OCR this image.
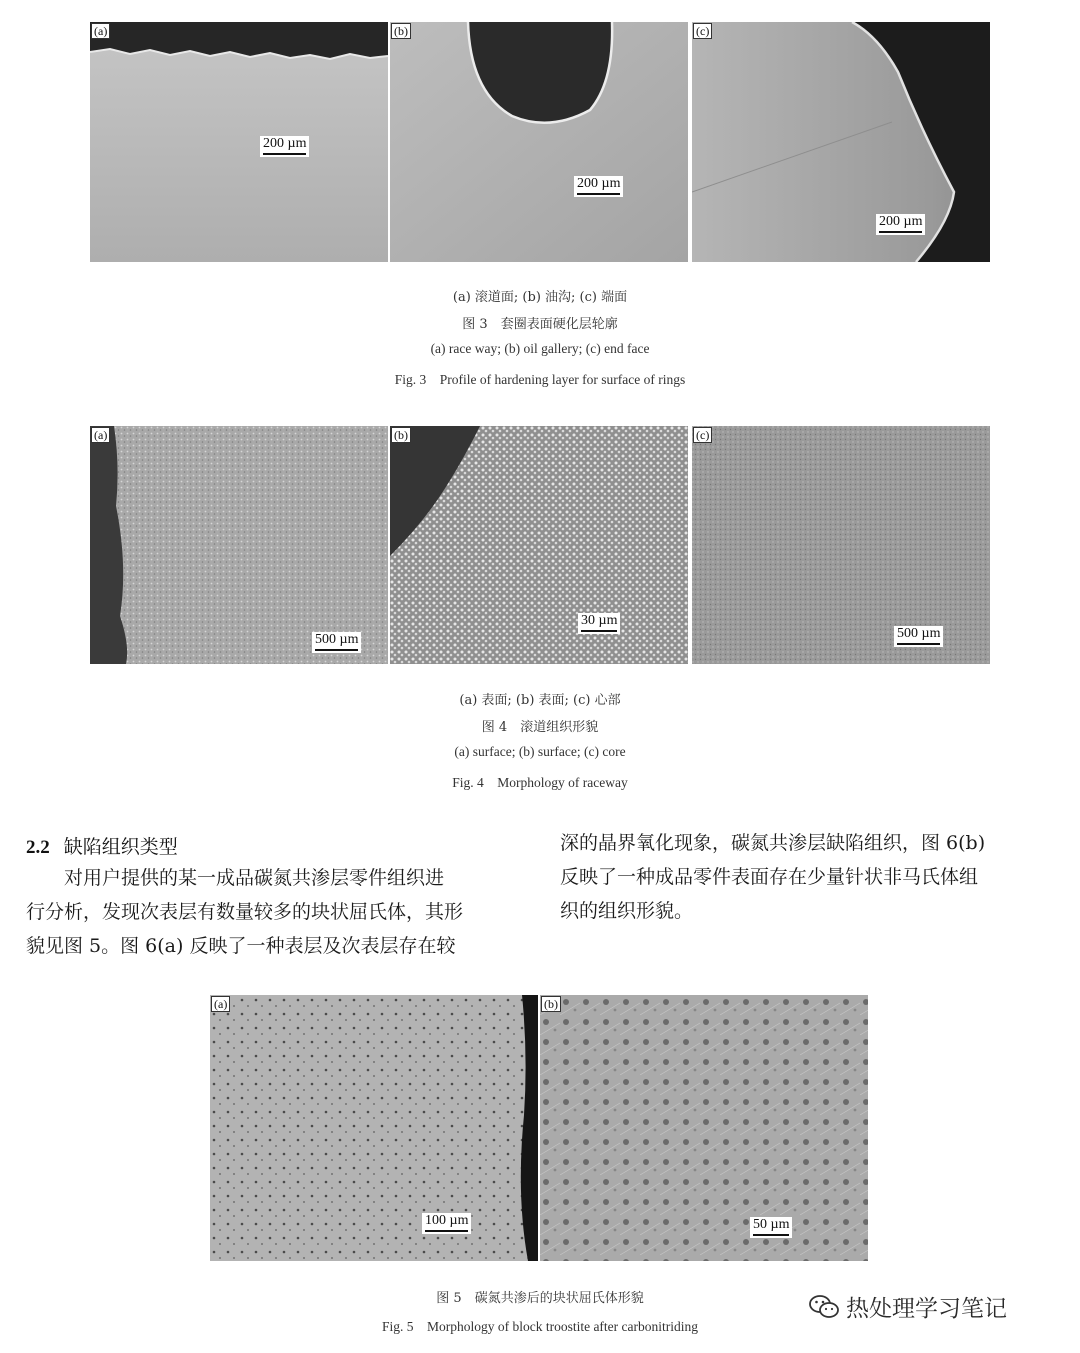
(a)
200 µm
(b)
200 µm
(c)
200 µm
(a) 滚道面; (b) 油沟; (c) 端面
图 3　套圈表面硬化层轮廓
(a) race way; (b) oil gallery; (c) end face
Fig. 3　Profile of hardening layer for surface of rings
(a)
500 µm
(b)
30 µm
(c)
500 µm
(a) 表面; (b) 表面; (c) 心部
图 4　滚道组织形貌
(a) surface; (b) surface; (c) core
Fig. 4　Morphology of raceway
2.2 缺陷组织类型
　　对用户提供的某一成品碳氮共渗层零件组织进
行分析，发现次表层有数量较多的块状屈氏体，其形
貌见图 5。图 6(a) 反映了一种表层及次表层存在较
深的晶界氧化现象，碳氮共渗层缺陷组织，图 6(b)
反映了一种成品零件表面存在少量针状非马氏体组
织的组织形貌。
(a)
100 µm
(b)
50 µm
图 5　碳氮共渗后的块状屈氏体形貌
Fig. 5　Morphology of block troostite after carbonitriding
热处理学习笔记
